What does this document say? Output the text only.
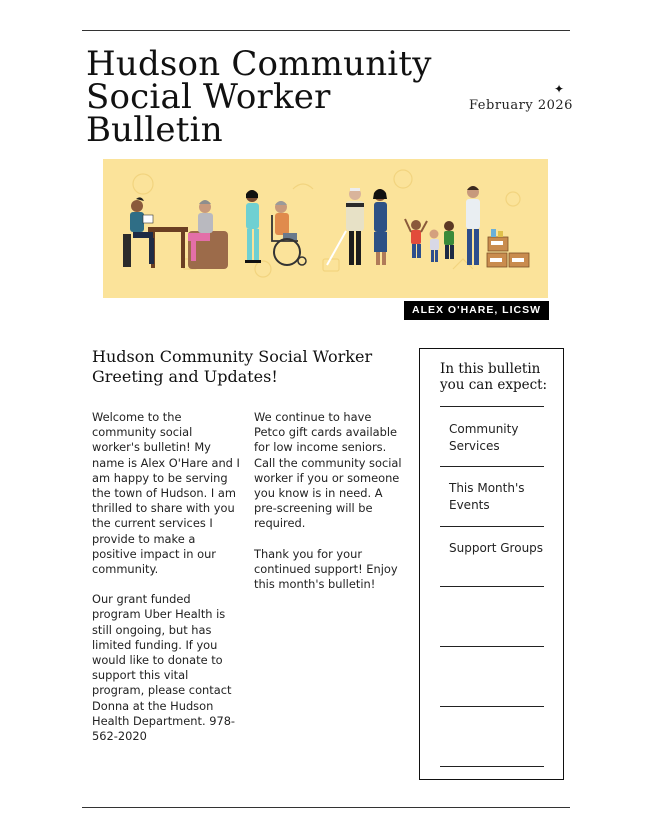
Hudson Community Social Worker Bulletin
✦
February 2026
ALEX O'HARE, LICSW
Hudson Community Social Worker Greeting and Updates!

Welcome to the community social worker's bulletin! My name is Alex O'Hare and I am happy to be serving the town of Hudson. I am thrilled to share with you the current services I provide to make a positive impact in our community.

Our grant funded program Uber Health is still ongoing, but has limited funding. If you would like to donate to support this vital program, please contact Donna at the Hudson Health Department. 978-562-2020

We continue to have Petco gift cards available for low income seniors. Call the community social worker if you or someone you know is in need. A pre-screening will be required.

Thank you for your continued support! Enjoy this month's bulletin!

In this bulletin you can expect:
Community Services
This Month's Events
Support Groups
